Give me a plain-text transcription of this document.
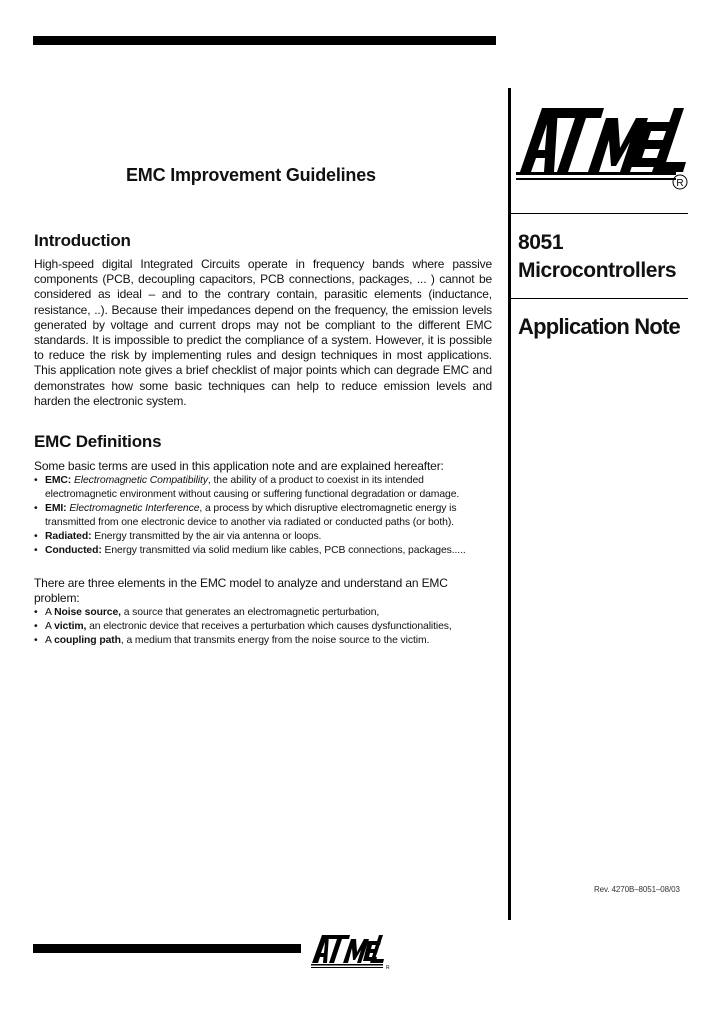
R
8051
Microcontrollers
Application Note
EMC Improvement Guidelines
Introduction
High-speed digital Integrated Circuits operate in frequency bands where passive components (PCB, decoupling capacitors, PCB connections, packages, ... ) cannot be considered as ideal – and to the contrary contain, parasitic elements (inductance, resistance, ..). Because their impedances depend on the frequency, the emission levels generated by voltage and current drops may not be compliant to the different EMC standards. It is impossible to predict the compliance of a system. However, it is possible to reduce the risk by implementing rules and design techniques in most applications. This application note gives a brief checklist of major points which can degrade EMC and demonstrates how some basic techniques can help to reduce emission levels and harden the electronic system.
EMC Definitions
Some basic terms are used in this application note and are explained hereafter:
• EMC: Electromagnetic Compatibility, the ability of a product to coexist in its intended electromagnetic environment without causing or suffering functional degradation or damage.
• EMI: Electromagnetic Interference, a process by which disruptive electromagnetic energy is transmitted from one electronic device to another via radiated or conducted paths (or both).
• Radiated: Energy transmitted by the air via antenna or loops.
• Conducted: Energy transmitted via solid medium like cables, PCB connections, packages.....
There are three elements in the EMC model to analyze and understand an EMC problem:
• A Noise source, a source that generates an electromagnetic perturbation,
• A victim, an electronic device that receives a perturbation which causes dysfunctionalities,
• A coupling path, a medium that transmits energy from the noise source to the victim.
Rev. 4270B–8051–08/03
R
